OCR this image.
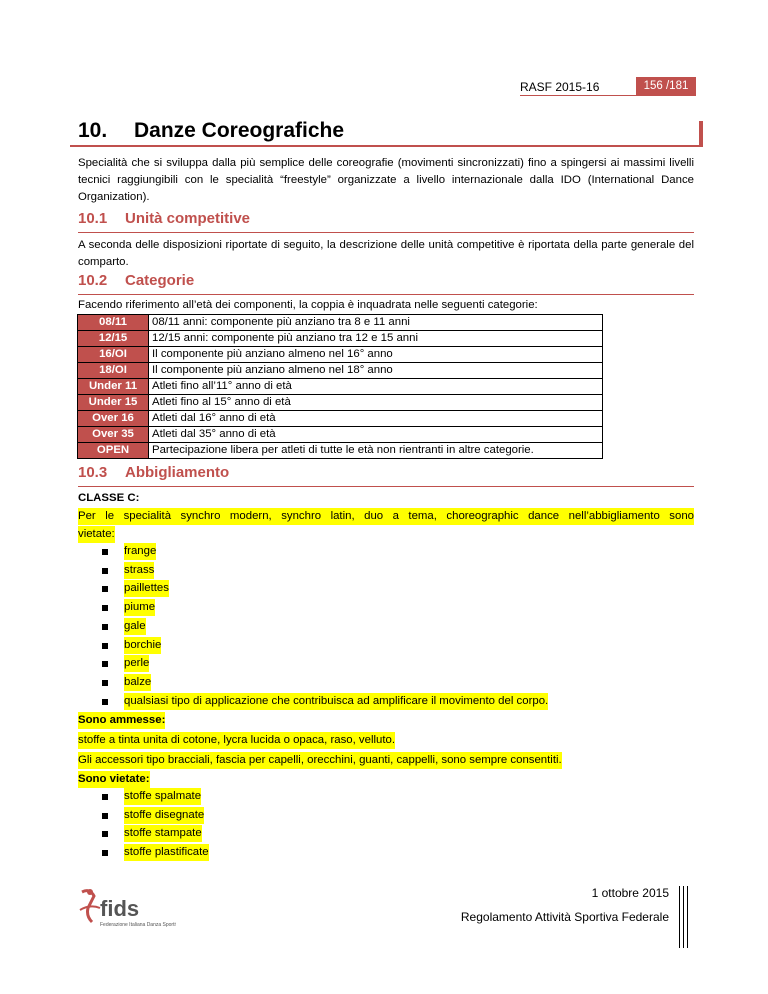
RASF 2015-16	156 /181
10. Danze Coreografiche
Specialità che si sviluppa dalla più semplice delle coreografie (movimenti sincronizzati) fino a spingersi ai massimi livelli tecnici raggiungibili con le specialità “freestyle” organizzate a livello internazionale dalla IDO (International Dance Organization).
10.1 Unità competitive
A seconda delle disposizioni riportate di seguito, la descrizione delle unità competitive è riportata della parte generale del comparto.
10.2 Categorie
Facendo riferimento all’età dei componenti, la coppia è inquadrata nelle seguenti categorie:
08/11	08/11 anni: componente più anziano tra 8 e 11 anni
12/15	12/15 anni: componente più anziano tra 12 e 15 anni
16/OI	Il componente più anziano almeno nel 16° anno
18/OI	Il componente più anziano almeno nel 18° anno
Under 11	Atleti fino all’11° anno di età
Under 15	Atleti fino al 15° anno di età
Over 16	Atleti dal 16° anno di età
Over 35	Atleti dal 35° anno di età
OPEN	Partecipazione libera per atleti di tutte le età non rientranti in altre categorie.
10.3 Abbigliamento
CLASSE C:
Per le specialità synchro modern, synchro latin, duo a tema, choreographic dance nell’abbigliamento sono
vietate:
frange
strass
paillettes
piume
gale
borchie
perle
balze
qualsiasi tipo di applicazione che contribuisca ad amplificare il movimento del corpo.
Sono ammesse:
stoffe a tinta unita di cotone, lycra lucida o opaca, raso, velluto.
Gli accessori tipo bracciali, fascia per capelli, orecchini, guanti, cappelli, sono sempre consentiti.
Sono vietate:
stoffe spalmate
stoffe disegnate
stoffe stampate
stoffe plastificate
fids
Federazione Italiana Danza Sportiva
1 ottobre 2015
Regolamento Attività Sportiva Federale
